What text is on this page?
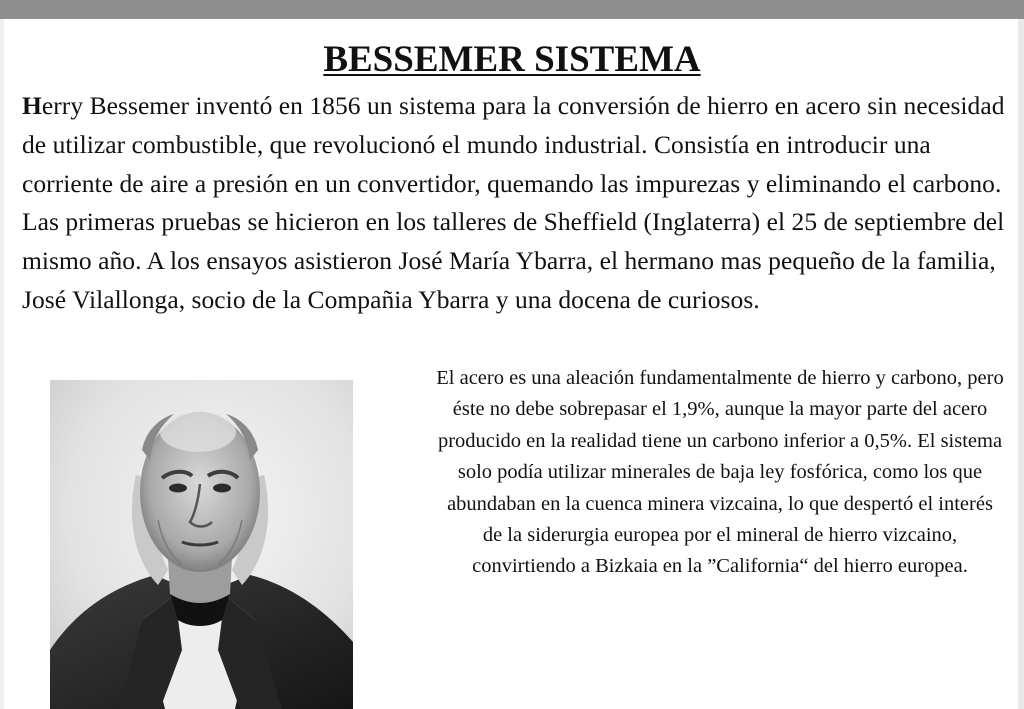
BESSEMER SISTEMA

Herry Bessemer inventó en 1856 un sistema para la conversión de hierro en acero sin necesidad de utilizar combustible, que revolucionó el mundo industrial. Consistía en introducir una corriente de aire a presión en un convertidor, quemando las impurezas y eliminando el carbono. Las primeras pruebas se hicieron en los talleres de Sheffield (Inglaterra) el 25 de septiembre del mismo año. A los ensayos asistieron José María Ybarra, el hermano mas pequeño de la familia, José Vilallonga, socio de la Compañia Ybarra y una docena de curiosos.

El acero es una aleación fundamentalmente de hierro y carbono, pero éste no debe sobrepasar el 1,9%, aunque la mayor parte del acero producido en la realidad tiene un carbono inferior a 0,5%. El sistema solo podía utilizar minerales de baja ley fosfórica, como los que abundaban en la cuenca minera vizcaina, lo que despertó el interés de la siderurgia europea por el mineral de hierro vizcaino, convirtiendo a Bizkaia en la ”California“ del hierro europea.
